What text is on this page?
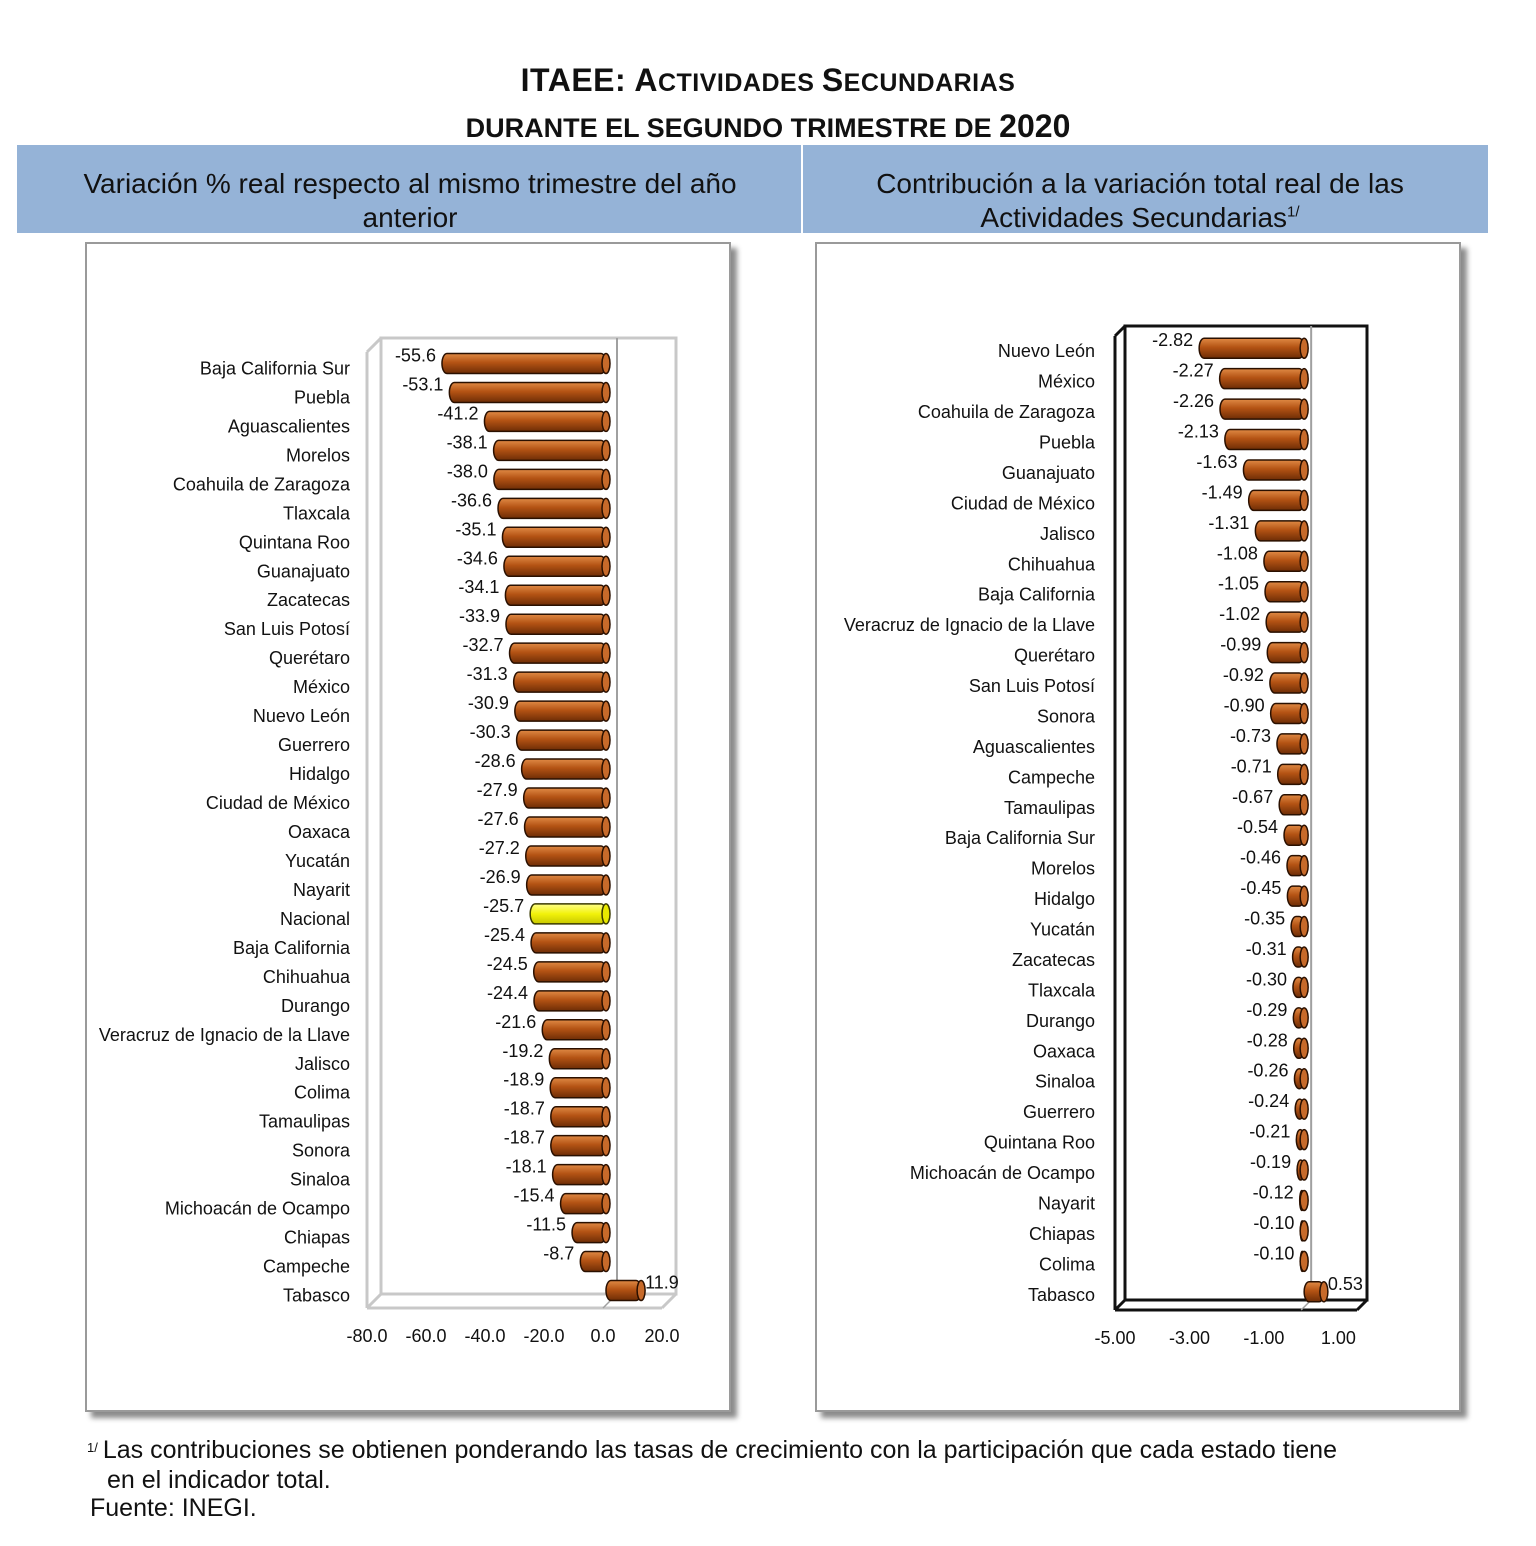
ITAEE: ACTIVIDADES SECUNDARIAS
DURANTE EL SEGUNDO TRIMESTRE DE 2020
Variación % real respecto al mismo trimestre del año anterior
Contribución a la variación total real de las Actividades Secundarias$^{1/}$
-80.0 -60.0 -40.0 -20.0 0.0 20.0
Baja California Sur
-55.6
Puebla
-53.1
Aguascalientes
-41.2
Morelos
-38.1
Coahuila de Zaragoza
-38.0
Tlaxcala
-36.6
Quintana Roo
-35.1
Guanajuato
-34.6
Zacatecas
-34.1
San Luis Potosí
-33.9
Querétaro
-32.7
México
-31.3
Nuevo León
-30.9
Guerrero
-30.3
Hidalgo
-28.6
Ciudad de México
-27.9
Oaxaca
-27.6
Yucatán
-27.2
Nayarit
-26.9
Nacional
-25.7
Baja California
-25.4
Chihuahua
-24.5
Durango
-24.4
Veracruz de Ignacio de la Llave
-21.6
Jalisco
-19.2
Colima
-18.9
Tamaulipas
-18.7
Sonora
-18.7
Sinaloa
-18.1
Michoacán de Ocampo
-15.4
Chiapas
-11.5
Campeche
-8.7
Tabasco
11.9
-5.00 -3.00 -1.00 1.00
Nuevo León
-2.82
México
-2.27
Coahuila de Zaragoza
-2.26
Puebla
-2.13
Guanajuato
-1.63
Ciudad de México
-1.49
Jalisco
-1.31
Chihuahua
-1.08
Baja California
-1.05
Veracruz de Ignacio de la Llave
-1.02
Querétaro
-0.99
San Luis Potosí
-0.92
Sonora
-0.90
Aguascalientes
-0.73
Campeche
-0.71
Tamaulipas
-0.67
Baja California Sur
-0.54
Morelos
-0.46
Hidalgo
-0.45
Yucatán
-0.35
Zacatecas
-0.31
Tlaxcala
-0.30
Durango
-0.29
Oaxaca
-0.28
Sinaloa
-0.26
Guerrero
-0.24
Quintana Roo
-0.21
Michoacán de Ocampo
-0.19
Nayarit
-0.12
Chiapas
-0.10
Colima
-0.10
Tabasco
0.53
$^{1/}$ Las contribuciones se obtienen ponderando las tasas de crecimiento con la participación que cada estado tiene
en el indicador total.
Fuente: INEGI.
